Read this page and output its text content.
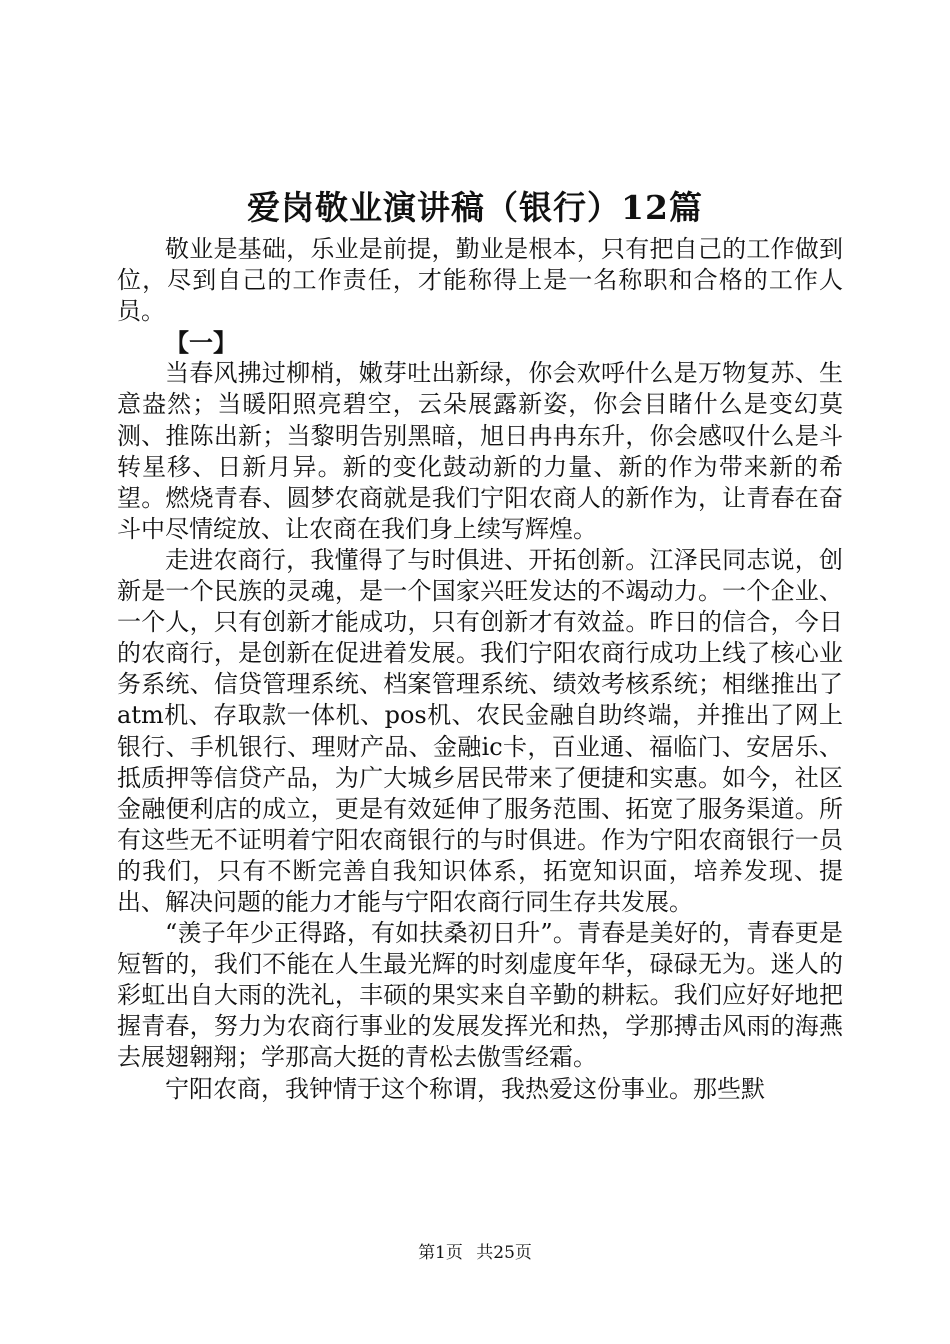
爱岗敬业演讲稿（银行）12篇

敬业是基础，乐业是前提，勤业是根本，只有把自己的工作做到位，尽到自己的工作责任，才能称得上是一名称职和合格的工作人员。

【一】

当春风拂过柳梢，嫩芽吐出新绿，你会欢呼什么是万物复苏、生意盎然；当暖阳照亮碧空，云朵展露新姿，你会目睹什么是变幻莫测、推陈出新；当黎明告别黑暗，旭日冉冉东升，你会感叹什么是斗转星移、日新月异。新的变化鼓动新的力量、新的作为带来新的希望。燃烧青春、圆梦农商就是我们宁阳农商人的新作为，让青春在奋斗中尽情绽放、让农商在我们身上续写辉煌。

走进农商行，我懂得了与时俱进、开拓创新。江泽民同志说，创新是一个民族的灵魂，是一个国家兴旺发达的不竭动力。一个企业、一个人，只有创新才能成功，只有创新才有效益。昨日的信合，今日的农商行，是创新在促进着发展。我们宁阳农商行成功上线了核心业务系统、信贷管理系统、档案管理系统、绩效考核系统；相继推出了atm机、存取款一体机、pos机、农民金融自助终端，并推出了网上银行、手机银行、理财产品、金融ic卡，百业通、福临门、安居乐、抵质押等信贷产品，为广大城乡居民带来了便捷和实惠。如今，社区金融便利店的成立，更是有效延伸了服务范围、拓宽了服务渠道。所有这些无不证明着宁阳农商银行的与时俱进。作为宁阳农商银行一员的我们，只有不断完善自我知识体系，拓宽知识面，培养发现、提出、解决问题的能力才能与宁阳农商行同生存共发展。

“羡子年少正得路，有如扶桑初日升”。青春是美好的，青春更是短暂的，我们不能在人生最光辉的时刻虚度年华，碌碌无为。迷人的彩虹出自大雨的洗礼，丰硕的果实来自辛勤的耕耘。我们应好好地把握青春，努力为农商行事业的发展发挥光和热，学那搏击风雨的海燕去展翅翱翔；学那高大挺的青松去傲雪经霜。

宁阳农商，我钟情于这个称谓，我热爱这份事业。那些默

第1页 共25页
